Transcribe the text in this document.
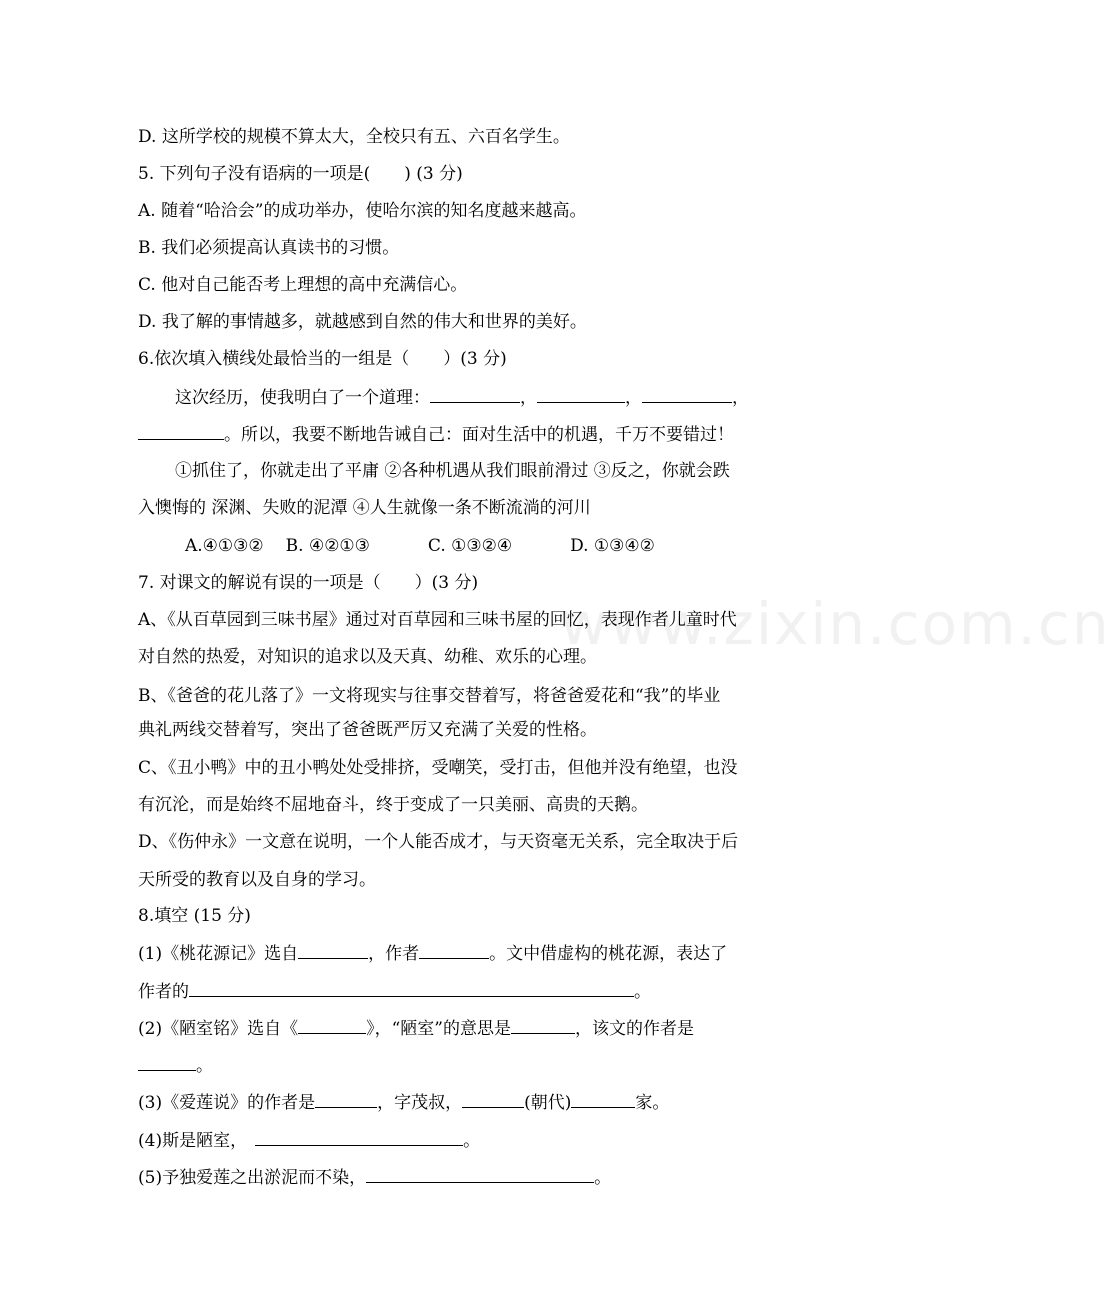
www.zixin.com.cn
D. 这所学校的规模不算太大，全校只有五、六百名学生。
5. 下列句子没有语病的一项是(　　) (3 分)
A. 随着“哈洽会”的成功举办，使哈尔滨的知名度越来越高。
B. 我们必须提高认真读书的习惯。
C. 他对自己能否考上理想的高中充满信心。
D. 我了解的事情越多，就越感到自然的伟大和世界的美好。
6.依次填入横线处最恰当的一组是（　　）(3 分)
这次经历，使我明白了一个道理：	，	，	，
。所以，我要不断地告诫自己：面对生活中的机遇，千万不要错过！
①抓住了，你就走出了平庸 ②各种机遇从我们眼前滑过 ③反之，你就会跌
入懊悔的 深渊、失败的泥潭 ④人生就像一条不断流淌的河川
A.④①③② B. ④②①③	C. ①③②④	D. ①③④②
7. 对课文的解说有误的一项是（　　）(3 分)
A、《从百草园到三味书屋》通过对百草园和三味书屋的回忆，表现作者儿童时代
对自然的热爱，对知识的追求以及天真、幼稚、欢乐的心理。
B、《爸爸的花儿落了》一文将现实与往事交替着写，将爸爸爱花和“我”的毕业
典礼两线交替着写，突出了爸爸既严厉又充满了关爱的性格。
C、《丑小鸭》中的丑小鸭处处受排挤，受嘲笑，受打击，但他并没有绝望，也没
有沉沦，而是始终不屈地奋斗，终于变成了一只美丽、高贵的天鹅。
D、《伤仲永》一文意在说明，一个人能否成才，与天资毫无关系，完全取决于后
天所受的教育以及自身的学习。
8.填空 (15 分)
(1)《桃花源记》选自	，作者	。文中借虚构的桃花源，表达了
作者的	。
(2)《陋室铭》选自《	》，“陋室”的意思是	，该文的作者是
。
(3)《爱莲说》的作者是	，字茂叔，	(朝代)	家。
(4)斯是陋室，	。
(5)予独爱莲之出淤泥而不染，	。
